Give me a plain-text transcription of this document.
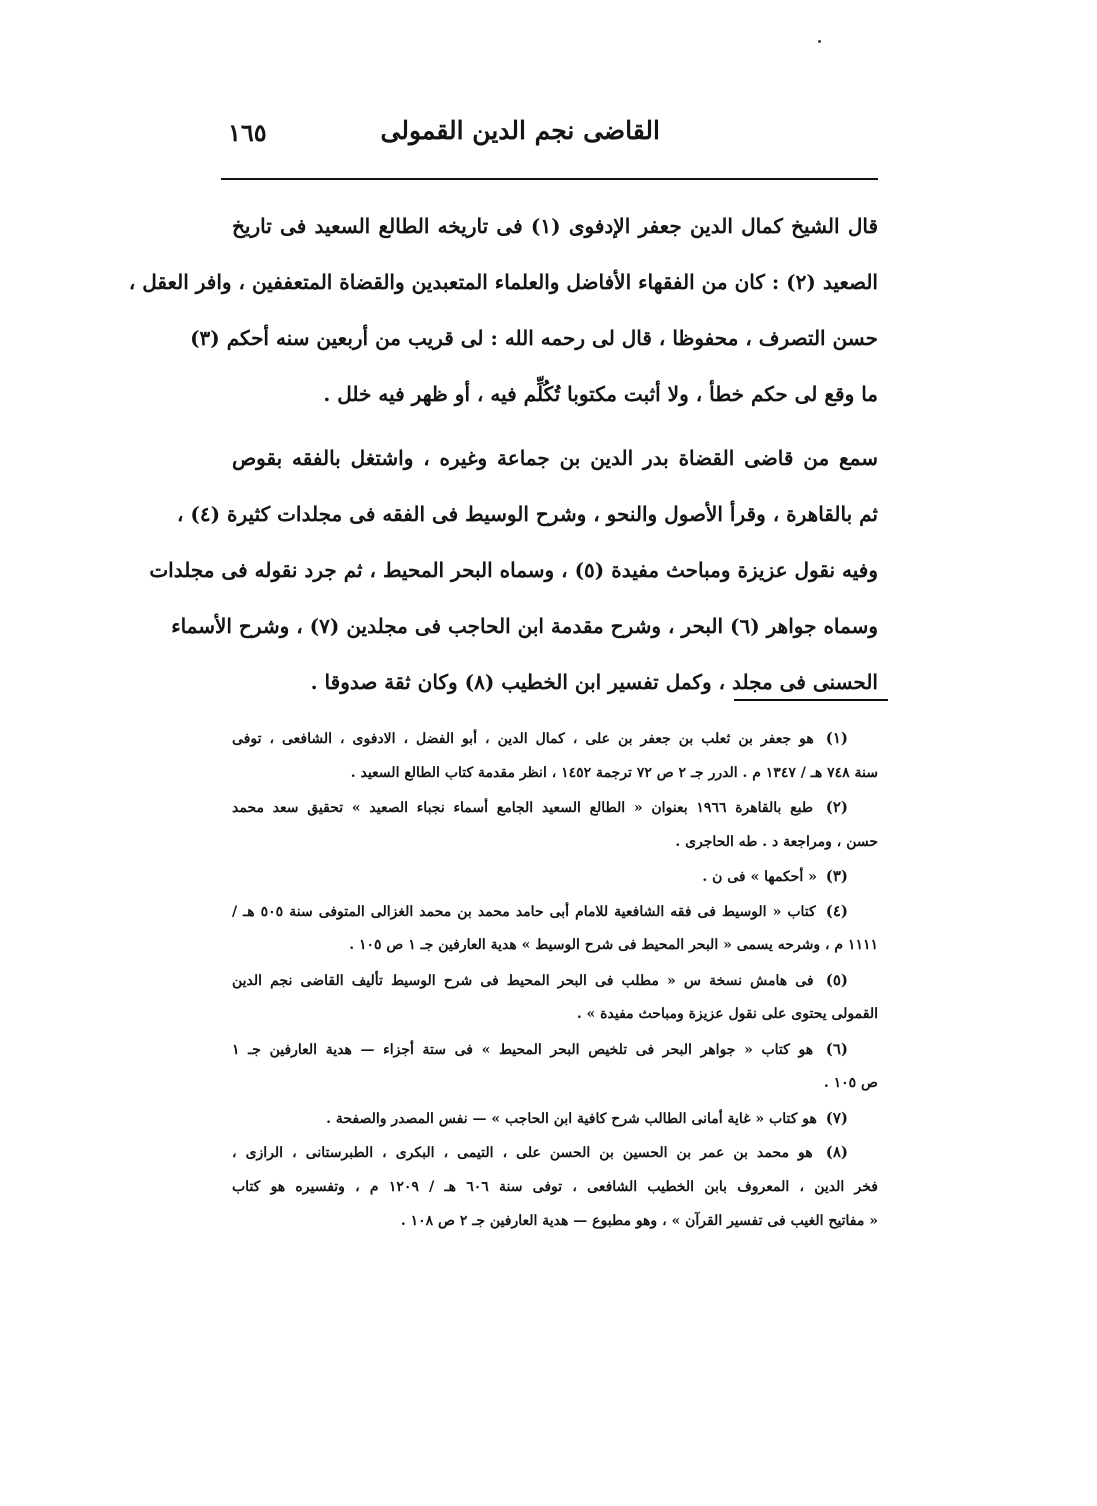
القاضى نجم الدين القمولى
١٦٥
قال الشيخ كمال الدين جعفر الإدفوى (١) فى تاريخه الطالع السعيد فى تاريخ
الصعيد (٢) : كان من الفقهاء الأفاضل والعلماء المتعبدين والقضاة المتعففين ، وافر العقل ،
حسن التصرف ، محفوظا ، قال لى رحمه الله : لى قريب من أربعين سنه أحكم (٣)
ما وقع لى حكم خطأ ، ولا أثبت مكتوبا تُكُلِّم فيه ، أو ظهر فيه خلل .
سمع من قاضى القضاة بدر الدين بن جماعة وغيره ، واشتغل بالفقه بقوص
ثم بالقاهرة ، وقرأ الأصول والنحو ، وشرح الوسيط فى الفقه فى مجلدات كثيرة (٤) ،
وفيه نقول عزيزة ومباحث مفيدة (٥) ، وسماه البحر المحيط ، ثم جرد نقوله فى مجلدات
وسماه جواهر (٦) البحر ، وشرح مقدمة ابن الحاجب فى مجلدين (٧) ، وشرح الأسماء
الحسنى فى مجلد ، وكمل تفسير ابن الخطيب (٨) وكان ثقة صدوقا .
(١) هو جعفر بن ثعلب بن جعفر بن على ، كمال الدين ، أبو الفضل ، الادفوى ، الشافعى ، توفى
سنة ٧٤٨ هـ / ١٣٤٧ م . الدرر جـ ٢ ص ٧٢ ترجمة ١٤٥٢ ، انظر مقدمة كتاب الطالع السعيد .
(٢) طبع بالقاهرة ١٩٦٦ بعنوان « الطالع السعيد الجامع أسماء نجباء الصعيد » تحقيق سعد محمد
حسن ، ومراجعة د . طه الحاجرى .
(٣) « أحكمها » فى ن .
(٤) كتاب « الوسيط فى فقه الشافعية للامام أبى حامد محمد بن محمد الغزالى المتوفى سنة ٥٠٥ هـ /
١١١١ م ، وشرحه يسمى « البحر المحيط فى شرح الوسيط » هدية العارفين جـ ١ ص ١٠٥ .
(٥) فى هامش نسخة س « مطلب فى البحر المحيط فى شرح الوسيط تأليف القاضى نجم الدين
القمولى يحتوى على نقول عزيزة ومباحث مفيدة » .
(٦) هو كتاب « جواهر البحر فى تلخيص البحر المحيط » فى ستة أجزاء — هدية العارفين جـ ١
ص ١٠٥ .
(٧) هو كتاب « غاية أمانى الطالب شرح كافية ابن الحاجب » — نفس المصدر والصفحة .
(٨) هو محمد بن عمر بن الحسين بن الحسن على ، التيمى ، البكرى ، الطبرستانى ، الرازى ،
فخر الدين ، المعروف بابن الخطيب الشافعى ، توفى سنة ٦٠٦ هـ / ١٢٠٩ م ، وتفسيره هو كتاب
« مفاتيح الغيب فى تفسير القرآن » ، وهو مطبوع — هدية العارفين جـ ٢ ص ١٠٨ .
